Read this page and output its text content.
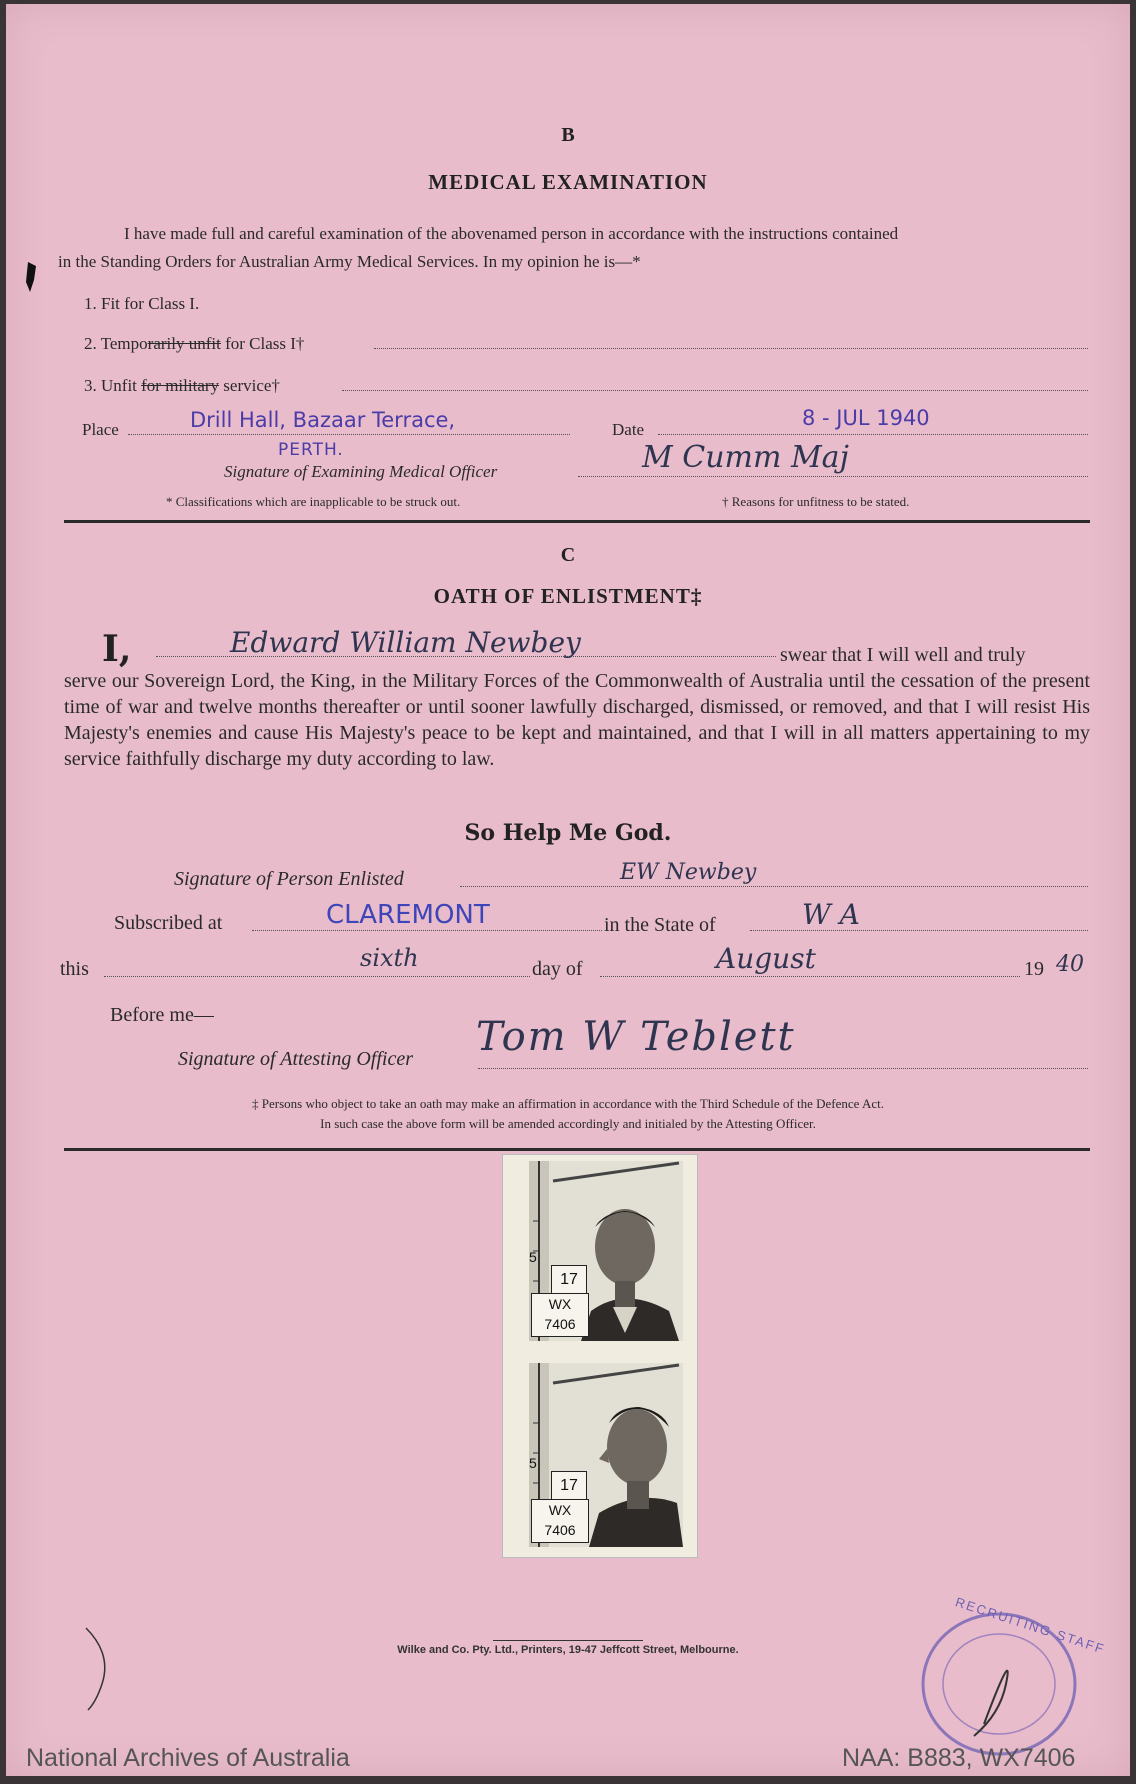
B
MEDICAL EXAMINATION
I have made full and careful examination of the abovenamed person in accordance with the instructions contained
in the Standing Orders for Australian Army Medical Services. In my opinion he is—*
1. Fit for Class I.
2. Temporarily unfit for Class I†
3. Unfit for military service†
Place	Drill Hall, Bazaar Terrace,
PERTH.
Date	8 - JUL 1940
Signature of Examining Medical Officer	M Cumm Maj
* Classifications which are inapplicable to be struck out.	† Reasons for unfitness to be stated.
C
OATH OF ENLISTMENT‡
I,	Edward William Newbey	swear that I will well and truly
serve our Sovereign Lord, the King, in the Military Forces of the Commonwealth of Australia until the cessation of the present time of war and twelve months thereafter or until sooner lawfully discharged, dismissed, or removed, and that I will resist His Majesty's enemies and cause His Majesty's peace to be kept and maintained, and that I will in all matters appertaining to my service faithfully discharge my duty according to law.
So Help Me God.
Signature of Person Enlisted	EW Newbey
Subscribed at	CLAREMONT	in the State of	W A
this	sixth	day of	August	19 40
Before me—
Signature of Attesting Officer Tom W Teblett
‡ Persons who object to take an oath may make an affirmation in accordance with the Third Schedule of the Defence Act.
In such case the above form will be amended accordingly and initialed by the Attesting Officer.
17
WX
7406
5
17
WX
7406
5
Wilke and Co. Pty. Ltd., Printers, 19-47 Jeffcott Street, Melbourne.	RECRUITING STAFF
National Archives of Australia	NAA: B883, WX7406
